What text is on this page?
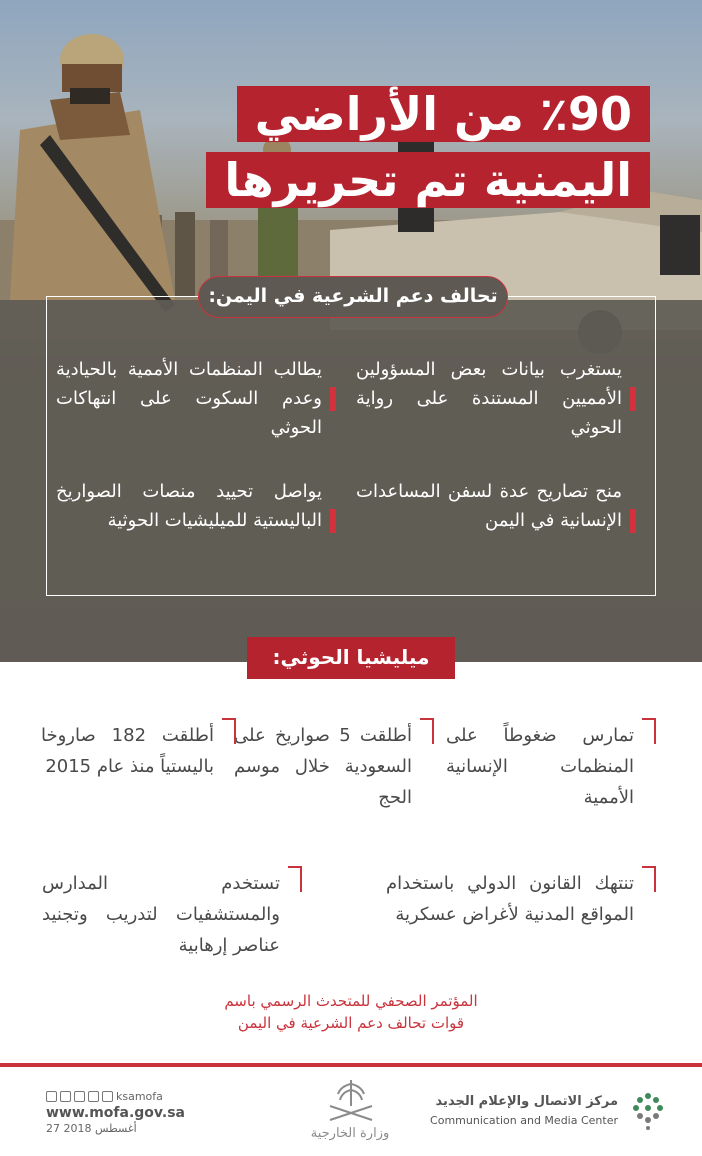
٪90 من الأراضي
اليمنية تم تحريرها
تحالف دعم الشرعية في اليمن:

يستغرب بيانات بعض المسؤولين الأمميين المستندة على رواية الحوثي

يطالب المنظمات الأممية بالحيادية وعدم السكوت على انتهاكات الحوثي

منح تصاريح عدة لسفن المساعدات الإنسانية في اليمن

يواصل تحييد منصات الصواريخ الباليستية للميليشيات الحوثية

ميليشيا الحوثي:

تمارس ضغوطاً على المنظمات الإنسانية الأممية

أطلقت 5 صواريخ على السعودية خلال موسم الحج

أطلقت 182 صاروخا باليستياً منذ عام 2015

تنتهك القانون الدولي باستخدام المواقع المدنية لأغراض عسكرية

تستخدم المدارس والمستشفيات لتدريب وتجنيد عناصر إرهابية

المؤتمر الصحفي للمتحدث الرسمي باسم
قوات تحالف دعم الشرعية في اليمن
مركز الاتصال والإعلام الجديد
Communication and Media Center
وزارة الخارجية
ksamofa
www.mofa.gov.sa
27 أغسطس 2018
